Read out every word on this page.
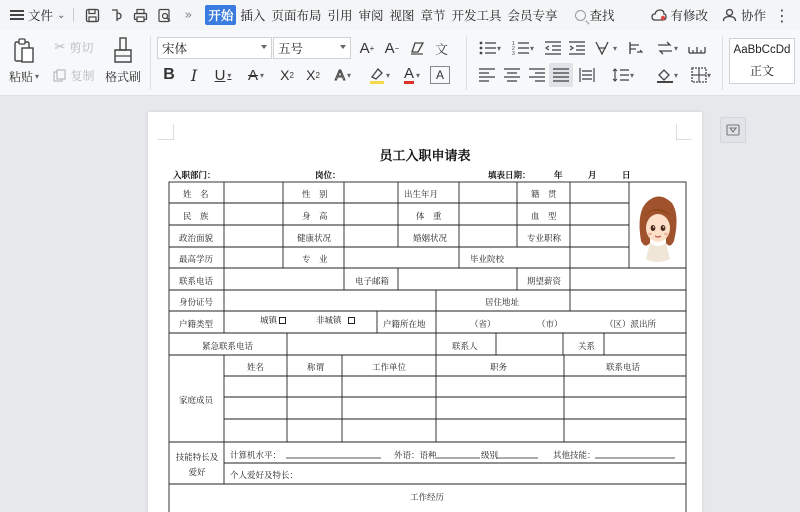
文件 ⌄	»	开始 插入 页面布局 引用 审阅 视图 章节 开发工具 会员专享	查找	有修改	协作 ⋮
粘贴 ▾
✂ 剪切
复制 格式刷
宋体	五号	A + A −	文
B	I	U ▾ A ▾	X 2 X 2 A ▾	▾ A ▾	A
▾ 1
2
3
▾	▾	▾
▾	▾	▾
AaBbCcDd
正文
员工入职申请表
入职部门：	岗位：	填表日期：	年	月	日
姓　名	性　别	出生年月	籍　贯
民　族	身　高	体　重	血　型
政治面貌	健康状况	婚姻状况	专业职称
最高学历	专　业	毕业院校
联系电话	电子邮箱	期望薪资
身份证号	居住地址
户籍类型	城镇	非城镇	户籍所在地	（省）	（市）	（区）派出所
紧急联系电话	联系人	关系
家庭成员
姓名	称谓	工作单位	职务	联系电话
技能特长及爱好
计算机水平：	外语：语种	级别	其他技能：
个人爱好及特长：
工作经历
